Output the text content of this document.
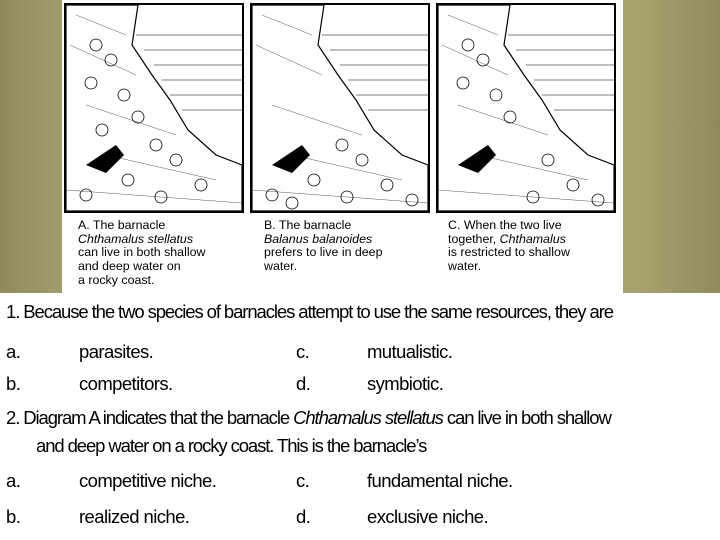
A. The barnacle
Chthamalus stellatus
can live in both shallow
and deep water on
a rocky coast.
B. The barnacle
Balanus balanoides
prefers to live in deep
water.
C. When the two live
together, Chthamalus
is restricted to shallow
water.
1. Because the two species of barnacles attempt to use the same resources, they are
a.	parasites.	c.	mutualistic.
b.	competitors.	d.	symbiotic.
2. Diagram A indicates that the barnacle Chthamalus stellatus can live in both shallow
and deep water on a rocky coast. This is the barnacle’s
a.	competitive niche.	c.	fundamental niche.
b.	realized niche.	d.	exclusive niche.
